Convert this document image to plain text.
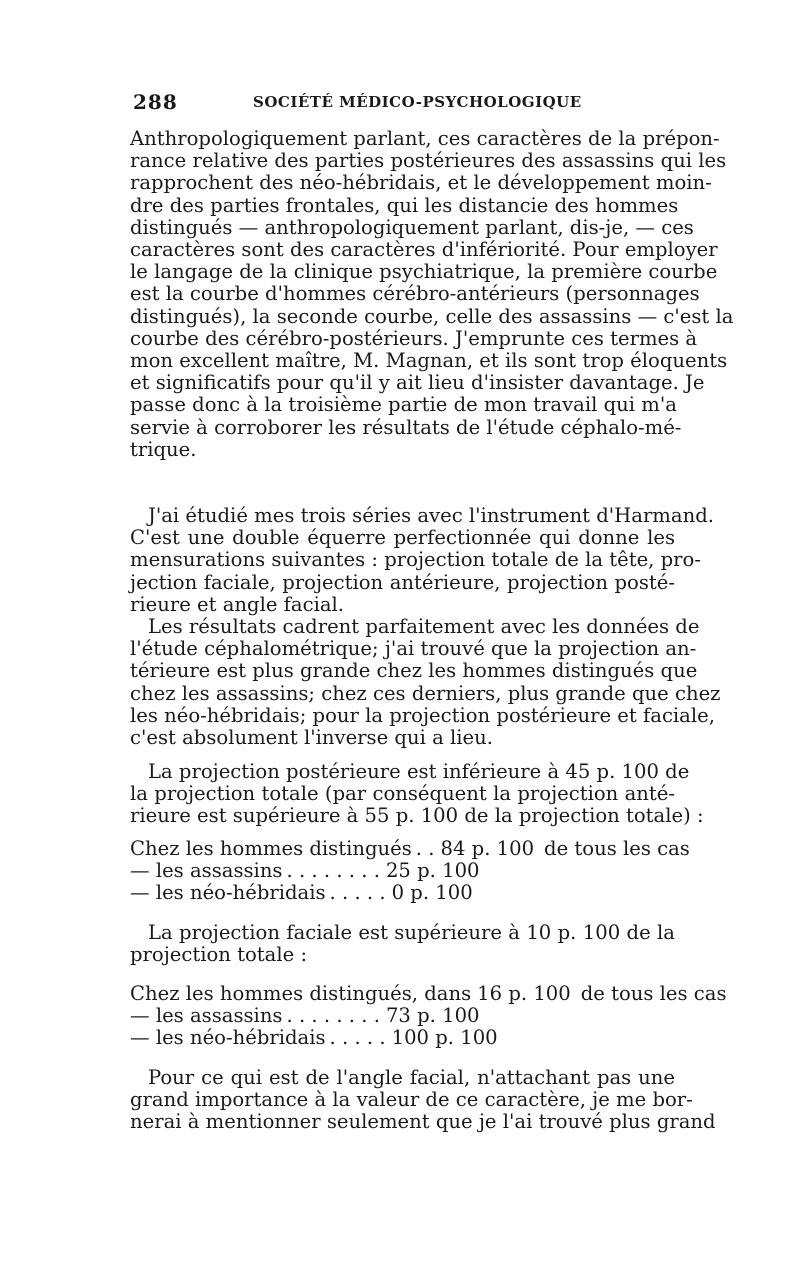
288	SOCIÉTÉ MÉDICO-PSYCHOLOGIQUE
Anthropologiquement parlant, ces caractères de la prépon-
rance relative des parties postérieures des assassins qui les
rapprochent des néo-hébridais, et le développement moin-
dre des parties frontales, qui les distancie des hommes
distingués — anthropologiquement parlant, dis-je, — ces
caractères sont des caractères d'infériorité. Pour employer
le langage de la clinique psychiatrique, la première courbe
est la courbe d'hommes cérébro-antérieurs (personnages
distingués), la seconde courbe, celle des assassins — c'est la
courbe des cérébro-postérieurs. J'emprunte ces termes à
mon excellent maître, M. Magnan, et ils sont trop éloquents
et significatifs pour qu'il y ait lieu d'insister davantage. Je
passe donc à la troisième partie de mon travail qui m'a
servie à corroborer les résultats de l'étude céphalo-mé-
trique.
J'ai étudié mes trois séries avec l'instrument d'Harmand.
C'est une double équerre perfectionnée qui donne les
mensurations suivantes : projection totale de la tête, pro-
jection faciale, projection antérieure, projection posté-
rieure et angle facial.
Les résultats cadrent parfaitement avec les données de
l'étude céphalométrique; j'ai trouvé que la projection an-
térieure est plus grande chez les hommes distingués que
chez les assassins; chez ces derniers, plus grande que chez
les néo-hébridais; pour la projection postérieure et faciale,
c'est absolument l'inverse qui a lieu.
La projection postérieure est inférieure à 45 p. 100 de
la projection totale (par conséquent la projection anté-
rieure est supérieure à 55 p. 100 de la projection totale) :
Chez les hommes distingués . . 84 p. 100 de tous les cas
— les assassins . . . . . . . . 25 p. 100
— les néo-hébridais . . . . . 0 p. 100
La projection faciale est supérieure à 10 p. 100 de la
projection totale :
Chez les hommes distingués, dans 16 p. 100 de tous les cas
— les assassins . . . . . . . . 73 p. 100
— les néo-hébridais . . . . . 100 p. 100
Pour ce qui est de l'angle facial, n'attachant pas une
grand importance à la valeur de ce caractère, je me bor-
nerai à mentionner seulement que je l'ai trouvé plus grand
